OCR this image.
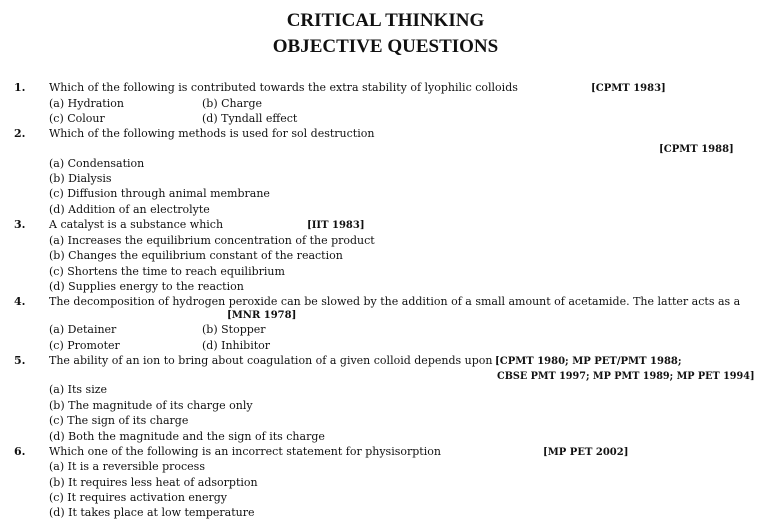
CRITICAL THINKING
OBJECTIVE QUESTIONS
1. Which of the following is contributed towards the extra stability of lyophilic colloids	[CPMT 1983]
(a) Hydration	(b) Charge
(c) Colour	(d) Tyndall effect
2. Which of the following methods is used for sol destruction
[CPMT 1988]
(a) Condensation
(b) Dialysis
(c) Diffusion through animal membrane
(d) Addition of an electrolyte
3. A catalyst is a substance which	[IIT 1983]
(a) Increases the equilibrium concentration of the product
(b) Changes the equilibrium constant of the reaction
(c) Shortens the time to reach equilibrium
(d) Supplies energy to the reaction
4. The decomposition of hydrogen peroxide can be slowed by the addition of a small amount of acetamide. The latter acts as a
[MNR 1978]
(a) Detainer	(b) Stopper
(c) Promoter	(d) Inhibitor
5. The ability of an ion to bring about coagulation of a given colloid depends upon [CPMT 1980; MP PET/PMT 1988;
CBSE PMT 1997; MP PMT 1989; MP PET 1994]
(a) Its size
(b) The magnitude of its charge only
(c) The sign of its charge
(d) Both the magnitude and the sign of its charge
6. Which one of the following is an incorrect statement for physisorption	[MP PET 2002]
(a) It is a reversible process
(b) It requires less heat of adsorption
(c) It requires activation energy
(d) It takes place at low temperature
